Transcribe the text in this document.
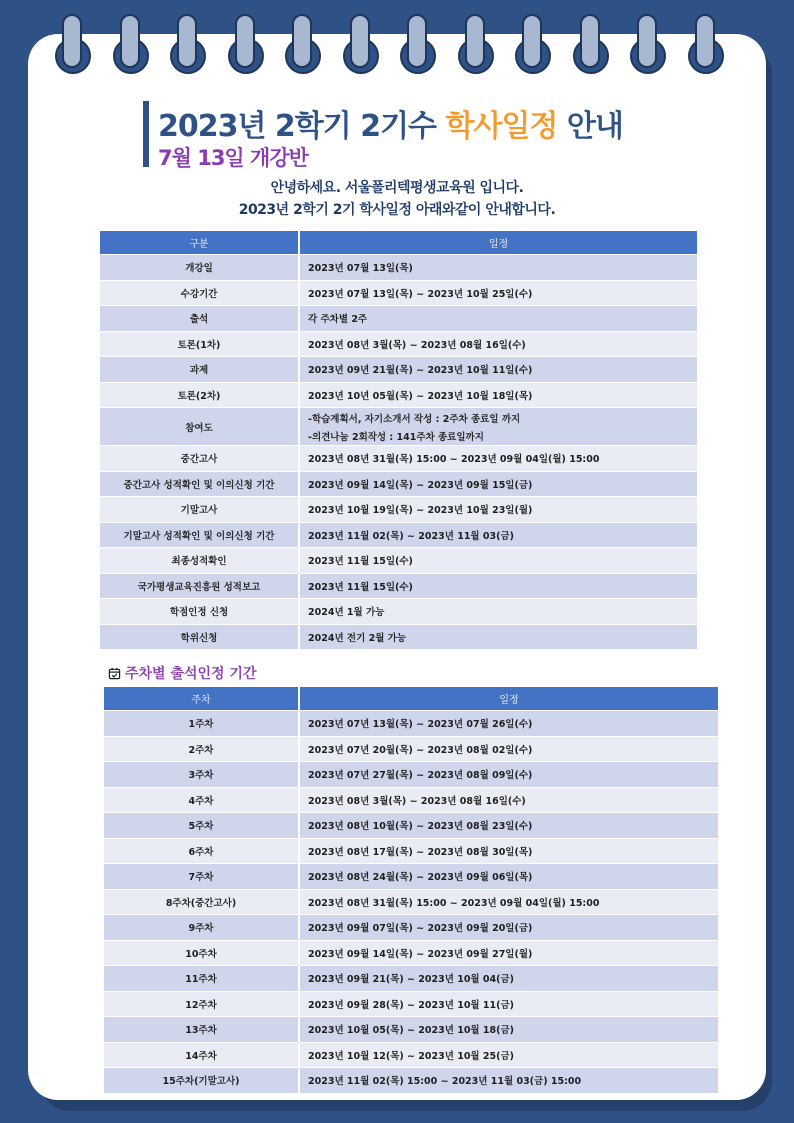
2023년 2학기 2기수 학사일정 안내
7월 13일 개강반
안녕하세요. 서울폴리텍평생교육원 입니다.
2023년 2학기 2기 학사일정 아래와같이 안내합니다.
구분	일정
개강일	2023년 07월 13일(목)
수강기간	2023년 07월 13일(목) ~ 2023년 10월 25일(수)
출석	각 주차별 2주
토론(1차)	2023년 08년 3월(목) ~ 2023년 08월 16일(수)
과제	2023년 09년 21월(목) ~ 2023년 10월 11일(수)
토론(2차)	2023년 10년 05월(목) ~ 2023년 10월 18일(목)
참여도	-학습계획서, 자기소개서 작성 : 2주차 종료일 까지
-의견나눔 2회작성 : 141주차 종료일까지

중간고사	2023년 08년 31월(목) 15:00 ~ 2023년 09월 04일(월) 15:00
중간고사 성적확인 및 이의신청 기간	2023년 09월 14일(목) ~ 2023년 09월 15일(금)
기말고사	2023년 10월 19일(목) ~ 2023년 10월 23일(월)
기말고사 성적확인 및 이의신청 기간	2023년 11월 02(목) ~ 2023년 11월 03(금)
최종성적확인	2023년 11월 15일(수)
국가평생교육진흥원 성적보고	2023년 11월 15일(수)
학점인정 신청	2024년 1월 가능
학위신청	2024년 전기 2월 가능
주차별 출석인정 기간
주차	일정
1주차	2023년 07년 13월(목) ~ 2023년 07월 26일(수)
2주차	2023년 07년 20월(목) ~ 2023년 08월 02일(수)
3주차	2023년 07년 27월(목) ~ 2023년 08월 09일(수)
4주차	2023년 08년 3월(목) ~ 2023년 08월 16일(수)
5주차	2023년 08년 10월(목) ~ 2023년 08월 23일(수)
6주차	2023년 08년 17월(목) ~ 2023년 08월 30일(목)
7주차	2023년 08년 24월(목) ~ 2023년 09월 06일(목)
8주차(중간고사)	2023년 08년 31월(목) 15:00 ~ 2023년 09월 04일(월) 15:00
9주차	2023년 09월 07일(목) ~ 2023년 09월 20일(금)
10주차	2023년 09월 14일(목) ~ 2023년 09월 27일(월)
11주차	2023년 09월 21(목) ~ 2023년 10월 04(금)
12주차	2023년 09월 28(목) ~ 2023년 10월 11(금)
13주차	2023년 10월 05(목) ~ 2023년 10월 18(금)
14주차	2023년 10월 12(목) ~ 2023년 10월 25(금)
15주차(기말고사)	2023년 11월 02(목) 15:00 ~ 2023년 11월 03(금) 15:00
